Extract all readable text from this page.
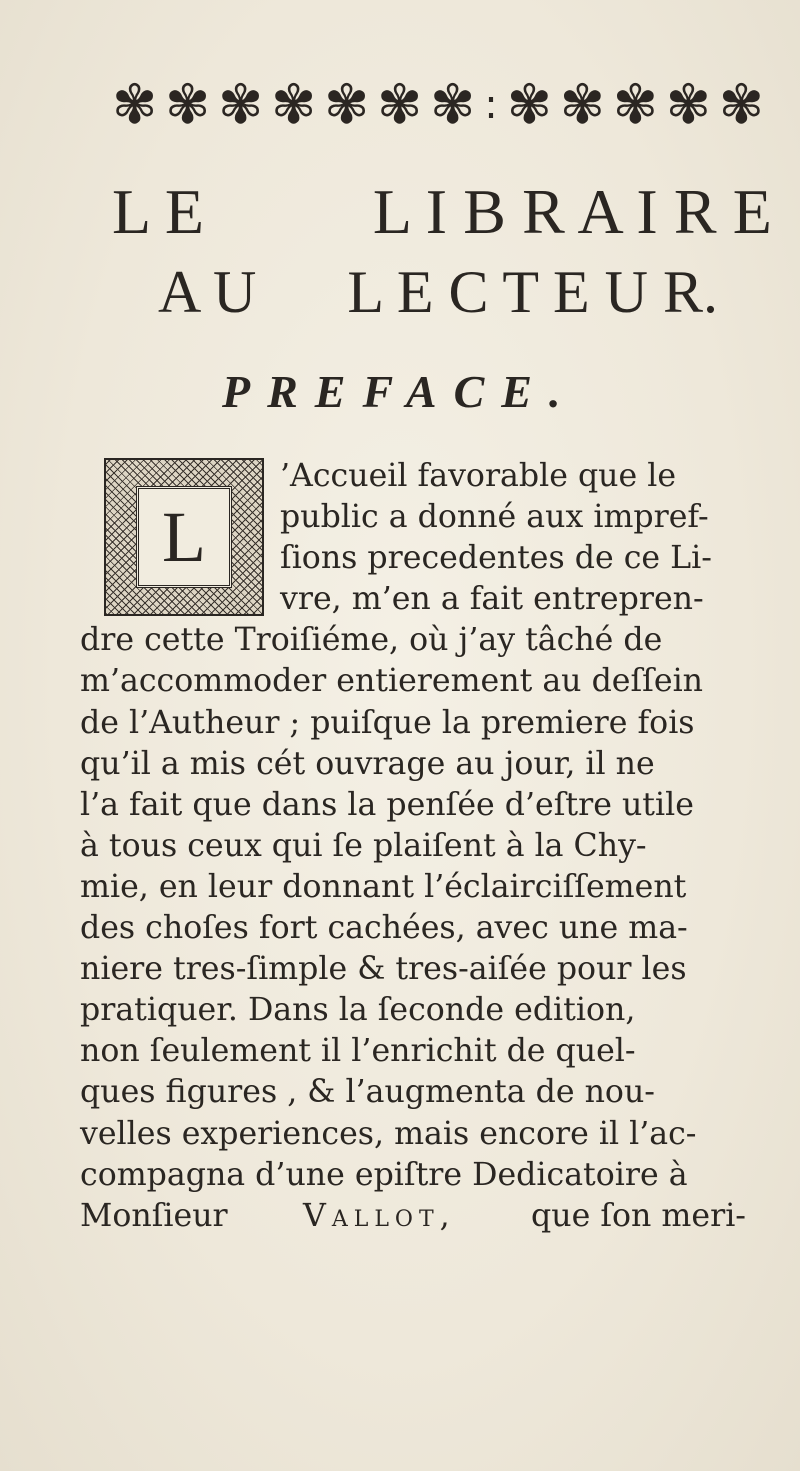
✾ ✾ ✾ ✾ ✾ ✾ ✾ : ✾ ✾ ✾ ✾ ✾
L E	L I B R A I R E
A U L E C T E U R.
PREFACE.
L
’Accueil favorable que le
public a donné aux impref-
ſions precedentes de ce Li-
vre, m’en a fait entrepren-
dre cette Troiſiéme, où j’ay tâché de
m’accommoder entierement au deſſein
de l’Autheur ; puiſque la premiere fois
qu’il a mis cét ouvrage au jour, il ne
l’a fait que dans la penſée d’eſtre utile
à tous ceux qui ſe plaiſent à la Chy-
mie, en leur donnant l’éclairciſſement
des choſes fort cachées, avec une ma-
niere tres-ſimple & tres-aiſée pour les
pratiquer. Dans la ſeconde edition,
non ſeulement il l’enrichit de quel-
ques figures , & l’augmenta de nou-
velles experiences, mais encore il l’ac-
compagna d’une epiſtre Dedicatoire à
Monſieur Vallot, que ſon meri-
